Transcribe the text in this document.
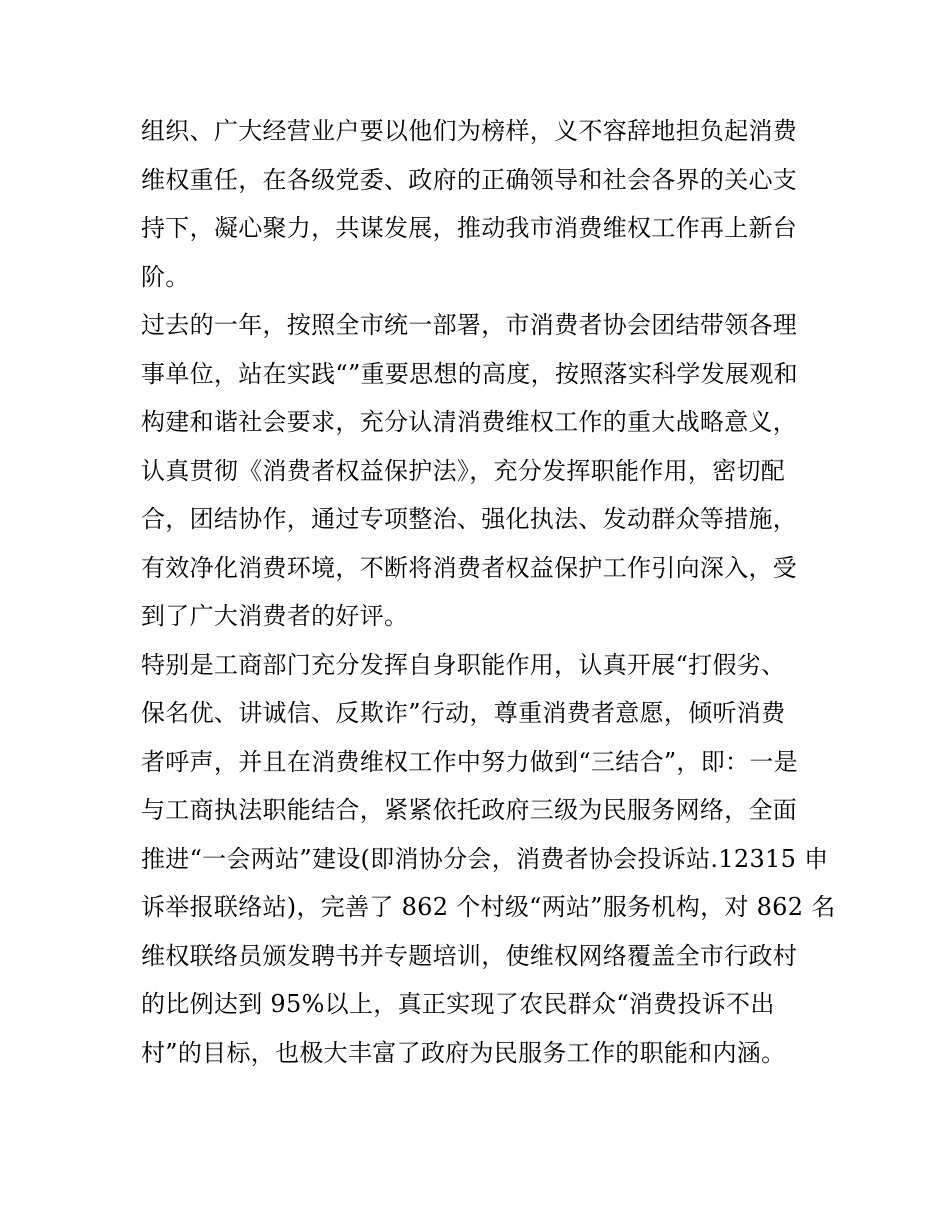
组织、广大经营业户要以他们为榜样，义不容辞地担负起消费
维权重任，在各级党委、政府的正确领导和社会各界的关心支
持下，凝心聚力，共谋发展，推动我市消费维权工作再上新台
阶。
过去的一年，按照全市统一部署，市消费者协会团结带领各理
事单位，站在实践“”重要思想的高度，按照落实科学发展观和
构建和谐社会要求，充分认清消费维权工作的重大战略意义，
认真贯彻《消费者权益保护法》，充分发挥职能作用，密切配
合，团结协作，通过专项整治、强化执法、发动群众等措施，
有效净化消费环境，不断将消费者权益保护工作引向深入，受
到了广大消费者的好评。
特别是工商部门充分发挥自身职能作用，认真开展“打假劣、
保名优、讲诚信、反欺诈”行动，尊重消费者意愿，倾听消费
者呼声，并且在消费维权工作中努力做到“三结合”，即：一是
与工商执法职能结合，紧紧依托政府三级为民服务网络，全面
推进“一会两站”建设(即消协分会，消费者协会投诉站.12315 申
诉举报联络站)，完善了 862 个村级“两站”服务机构，对 862 名
维权联络员颁发聘书并专题培训，使维权网络覆盖全市行政村
的比例达到 95%以上，真正实现了农民群众“消费投诉不出
村”的目标，也极大丰富了政府为民服务工作的职能和内涵。
